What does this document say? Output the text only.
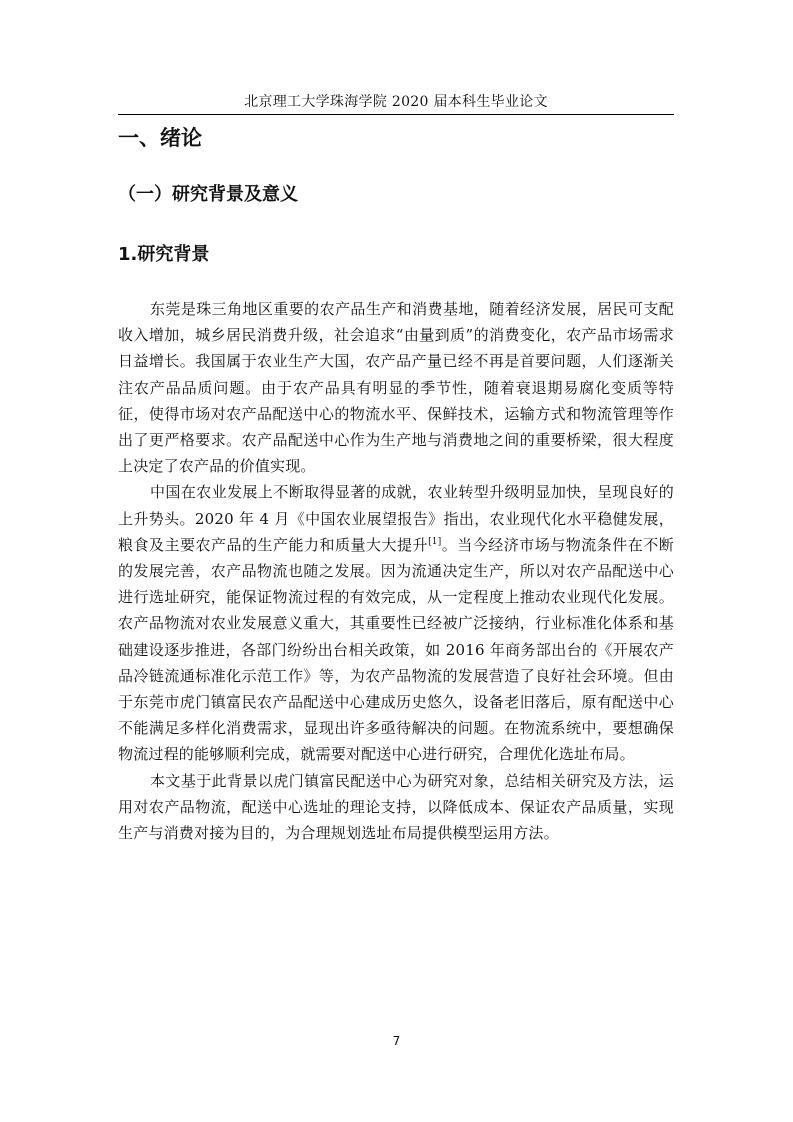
北京理工大学珠海学院 2020 届本科生毕业论文
一、绪论
（一）研究背景及意义
1.研究背景

东莞是珠三角地区重要的农产品生产和消费基地，随着经济发展，居民可支配收入增加，城乡居民消费升级，社会追求“由量到质”的消费变化，农产品市场需求日益增长。我国属于农业生产大国，农产品产量已经不再是首要问题，人们逐渐关注农产品品质问题。由于农产品具有明显的季节性，随着衰退期易腐化变质等特征，使得市场对农产品配送中心的物流水平、保鲜技术，运输方式和物流管理等作出了更严格要求。农产品配送中心作为生产地与消费地之间的重要桥梁，很大程度上决定了农产品的价值实现。

中国在农业发展上不断取得显著的成就，农业转型升级明显加快，呈现良好的上升势头。2020 年 4 月《中国农业展望报告》指出，农业现代化水平稳健发展，粮食及主要农产品的生产能力和质量大大提升[1]。当今经济市场与物流条件在不断的发展完善，农产品物流也随之发展。因为流通决定生产，所以对农产品配送中心进行选址研究，能保证物流过程的有效完成，从一定程度上推动农业现代化发展。农产品物流对农业发展意义重大，其重要性已经被广泛接纳，行业标准化体系和基础建设逐步推进，各部门纷纷出台相关政策，如 2016 年商务部出台的《开展农产品冷链流通标准化示范工作》等，为农产品物流的发展营造了良好社会环境。但由于东莞市虎门镇富民农产品配送中心建成历史悠久，设备老旧落后，原有配送中心不能满足多样化消费需求，显现出许多亟待解决的问题。在物流系统中，要想确保物流过程的能够顺利完成，就需要对配送中心进行研究，合理优化选址布局。

本文基于此背景以虎门镇富民配送中心为研究对象，总结相关研究及方法，运用对农产品物流，配送中心选址的理论支持，以降低成本、保证农产品质量，实现生产与消费对接为目的，为合理规划选址布局提供模型运用方法。

7
